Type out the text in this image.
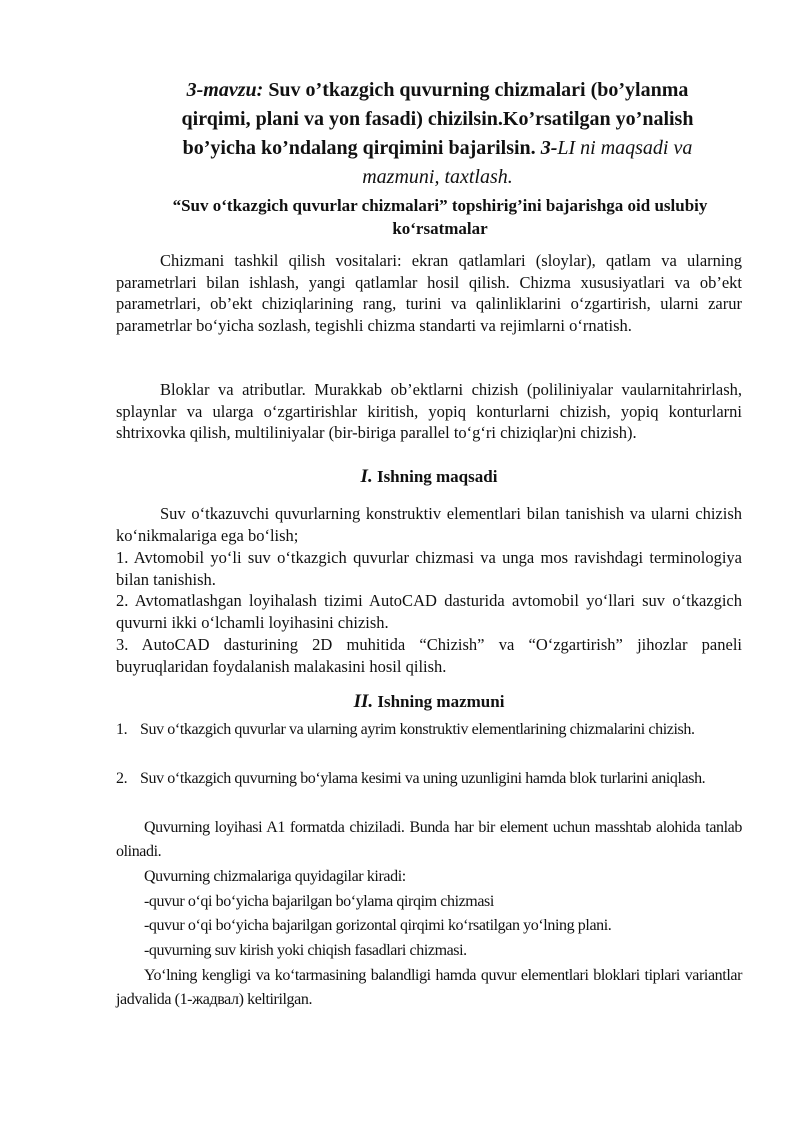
3-mavzu: Suv o’tkazgich quvurning chizmalari (bo’ylanma qirqimi, plani va yon fasadi) chizilsin.Ko’rsatilgan yo’nalish bo’yicha ko’ndalang qirqimini bajarilsin. 3-LI ni maqsadi va mazmuni, taxtlash.

“Suv o‘tkazgich quvurlar chizmalari” topshirig’ini bajarishga oid uslubiy ko‘rsatmalar

Chizmani tashkil qilish vositalari: ekran qatlamlari (sloylar), qatlam va ularning parametrlari bilan ishlash, yangi qatlamlar hosil qilish. Chizma xususiyatlari va ob’ekt parametrlari, ob’ekt chiziqlarining rang, turini va qalinliklarini o‘zgartirish, ularni zarur parametrlar bo‘yicha sozlash, tegishli chizma standarti va rejimlarni o‘rnatish.

Bloklar va atributlar. Murakkab ob’ektlarni chizish (poliliniyalar vaularnitahrirlash, splaynlar va ularga o‘zgartirishlar kiritish, yopiq konturlarni chizish, yopiq konturlarni shtrixovka qilish, multiliniyalar (bir-biriga parallel to‘g‘ri chiziqlar)ni chizish).

I. Ishning maqsadi

Suv o‘tkazuvchi quvurlarning konstruktiv elementlari bilan tanishish va ularni chizish ko‘nikmalariga ega bo‘lish;

1. Avtomobil yo‘li suv o‘tkazgich quvurlar chizmasi va unga mos ravishdagi terminologiya bilan tanishish.

2. Avtomatlashgan loyihalash tizimi AutoCAD dasturida avtomobil yo‘llari suv o‘tkazgich quvurni ikki o‘lchamli loyihasini chizish.

3. AutoCAD dasturining 2D muhitida “Chizish” va “O‘zgartirish” jihozlar paneli buyruqlaridan foydalanish malakasini hosil qilish.

II. Ishning mazmuni

1. Suv o‘tkazgich quvurlar va ularning ayrim konstruktiv elementlarining chizmalarini chizish.
2. Suv o‘tkazgich quvurning bo‘ylama kesimi va uning uzunligini hamda blok turlarini aniqlash.

Quvurning loyihasi A1 formatda chiziladi. Bunda har bir element uchun masshtab alohida tanlab olinadi.

Quvurning chizmalariga quyidagilar kiradi:

-quvur o‘qi bo‘yicha bajarilgan bo‘ylama qirqim chizmasi

-quvur o‘qi bo‘yicha bajarilgan gorizontal qirqimi ko‘rsatilgan yo‘lning plani.

-quvurning suv kirish yoki chiqish fasadlari chizmasi.

Yo‘lning kengligi va ko‘tarmasining balandligi hamda quvur elementlari bloklari tiplari variantlar jadvalida (1-жадвал) keltirilgan.
